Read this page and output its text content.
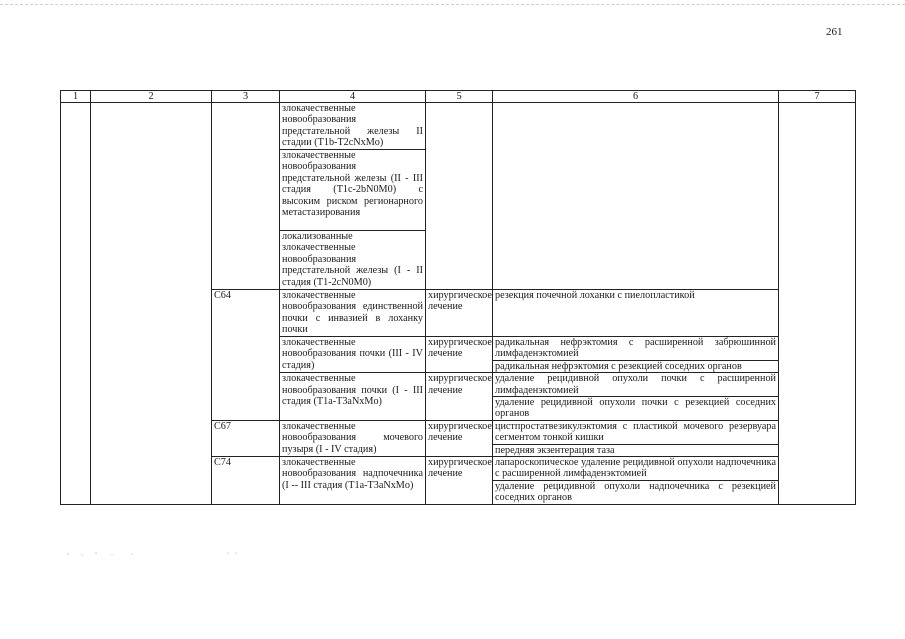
261
1	2	3	4	5	6	7
			злокачественные новообразования предстательной железы II стадии (T1b-T2cNxMo)			
			злокачественные новообразования предстательной железы (II - III стадия (T1c-2bN0M0) с высоким риском регионарного метастазирования			
			локализованные злокачественные новообразования предстательной железы (I - II стадия (T1-2cN0M0)			
		C64	злокачественные новообразования единственной почки с инвазией в лоханку почки	хирургическое лечение	резекция почечной лоханки с пиелопластикой	
			злокачественные новообразования почки (III - IV стадия)	хирургическое лечение	радикальная нефрэктомия с расширенной забрюшинной лимфаденэктомией	
					радикальная нефрэктомия с резекцией соседних органов	
			злокачественные новообразования почки (I - III стадия (T1a-T3aNxMo)	хирургическое лечение	удаление рецидивной опухоли почки с расширенной лимфаденэктомией	
					удаление рецидивной опухоли почки с резекцией соседних органов	
		C67	злокачественные новообразования мочевого пузыря (I - IV стадия)	хирургическое лечение	цистпростатвезикулэктомия с пластикой мочевого резервуара сегментом тонкой кишки	
					передняя экзентерация таза	
		C74	злокачественные новообразования надпочечника (I -- III стадия (T1a-T3aNxMo)	хирургическое лечение	лапароскопическое удаление рецидивной опухоли надпочечника с расширенной лимфаденэктомией	
					удаление рецидивной опухоли надпочечника с резекцией соседних органов	
